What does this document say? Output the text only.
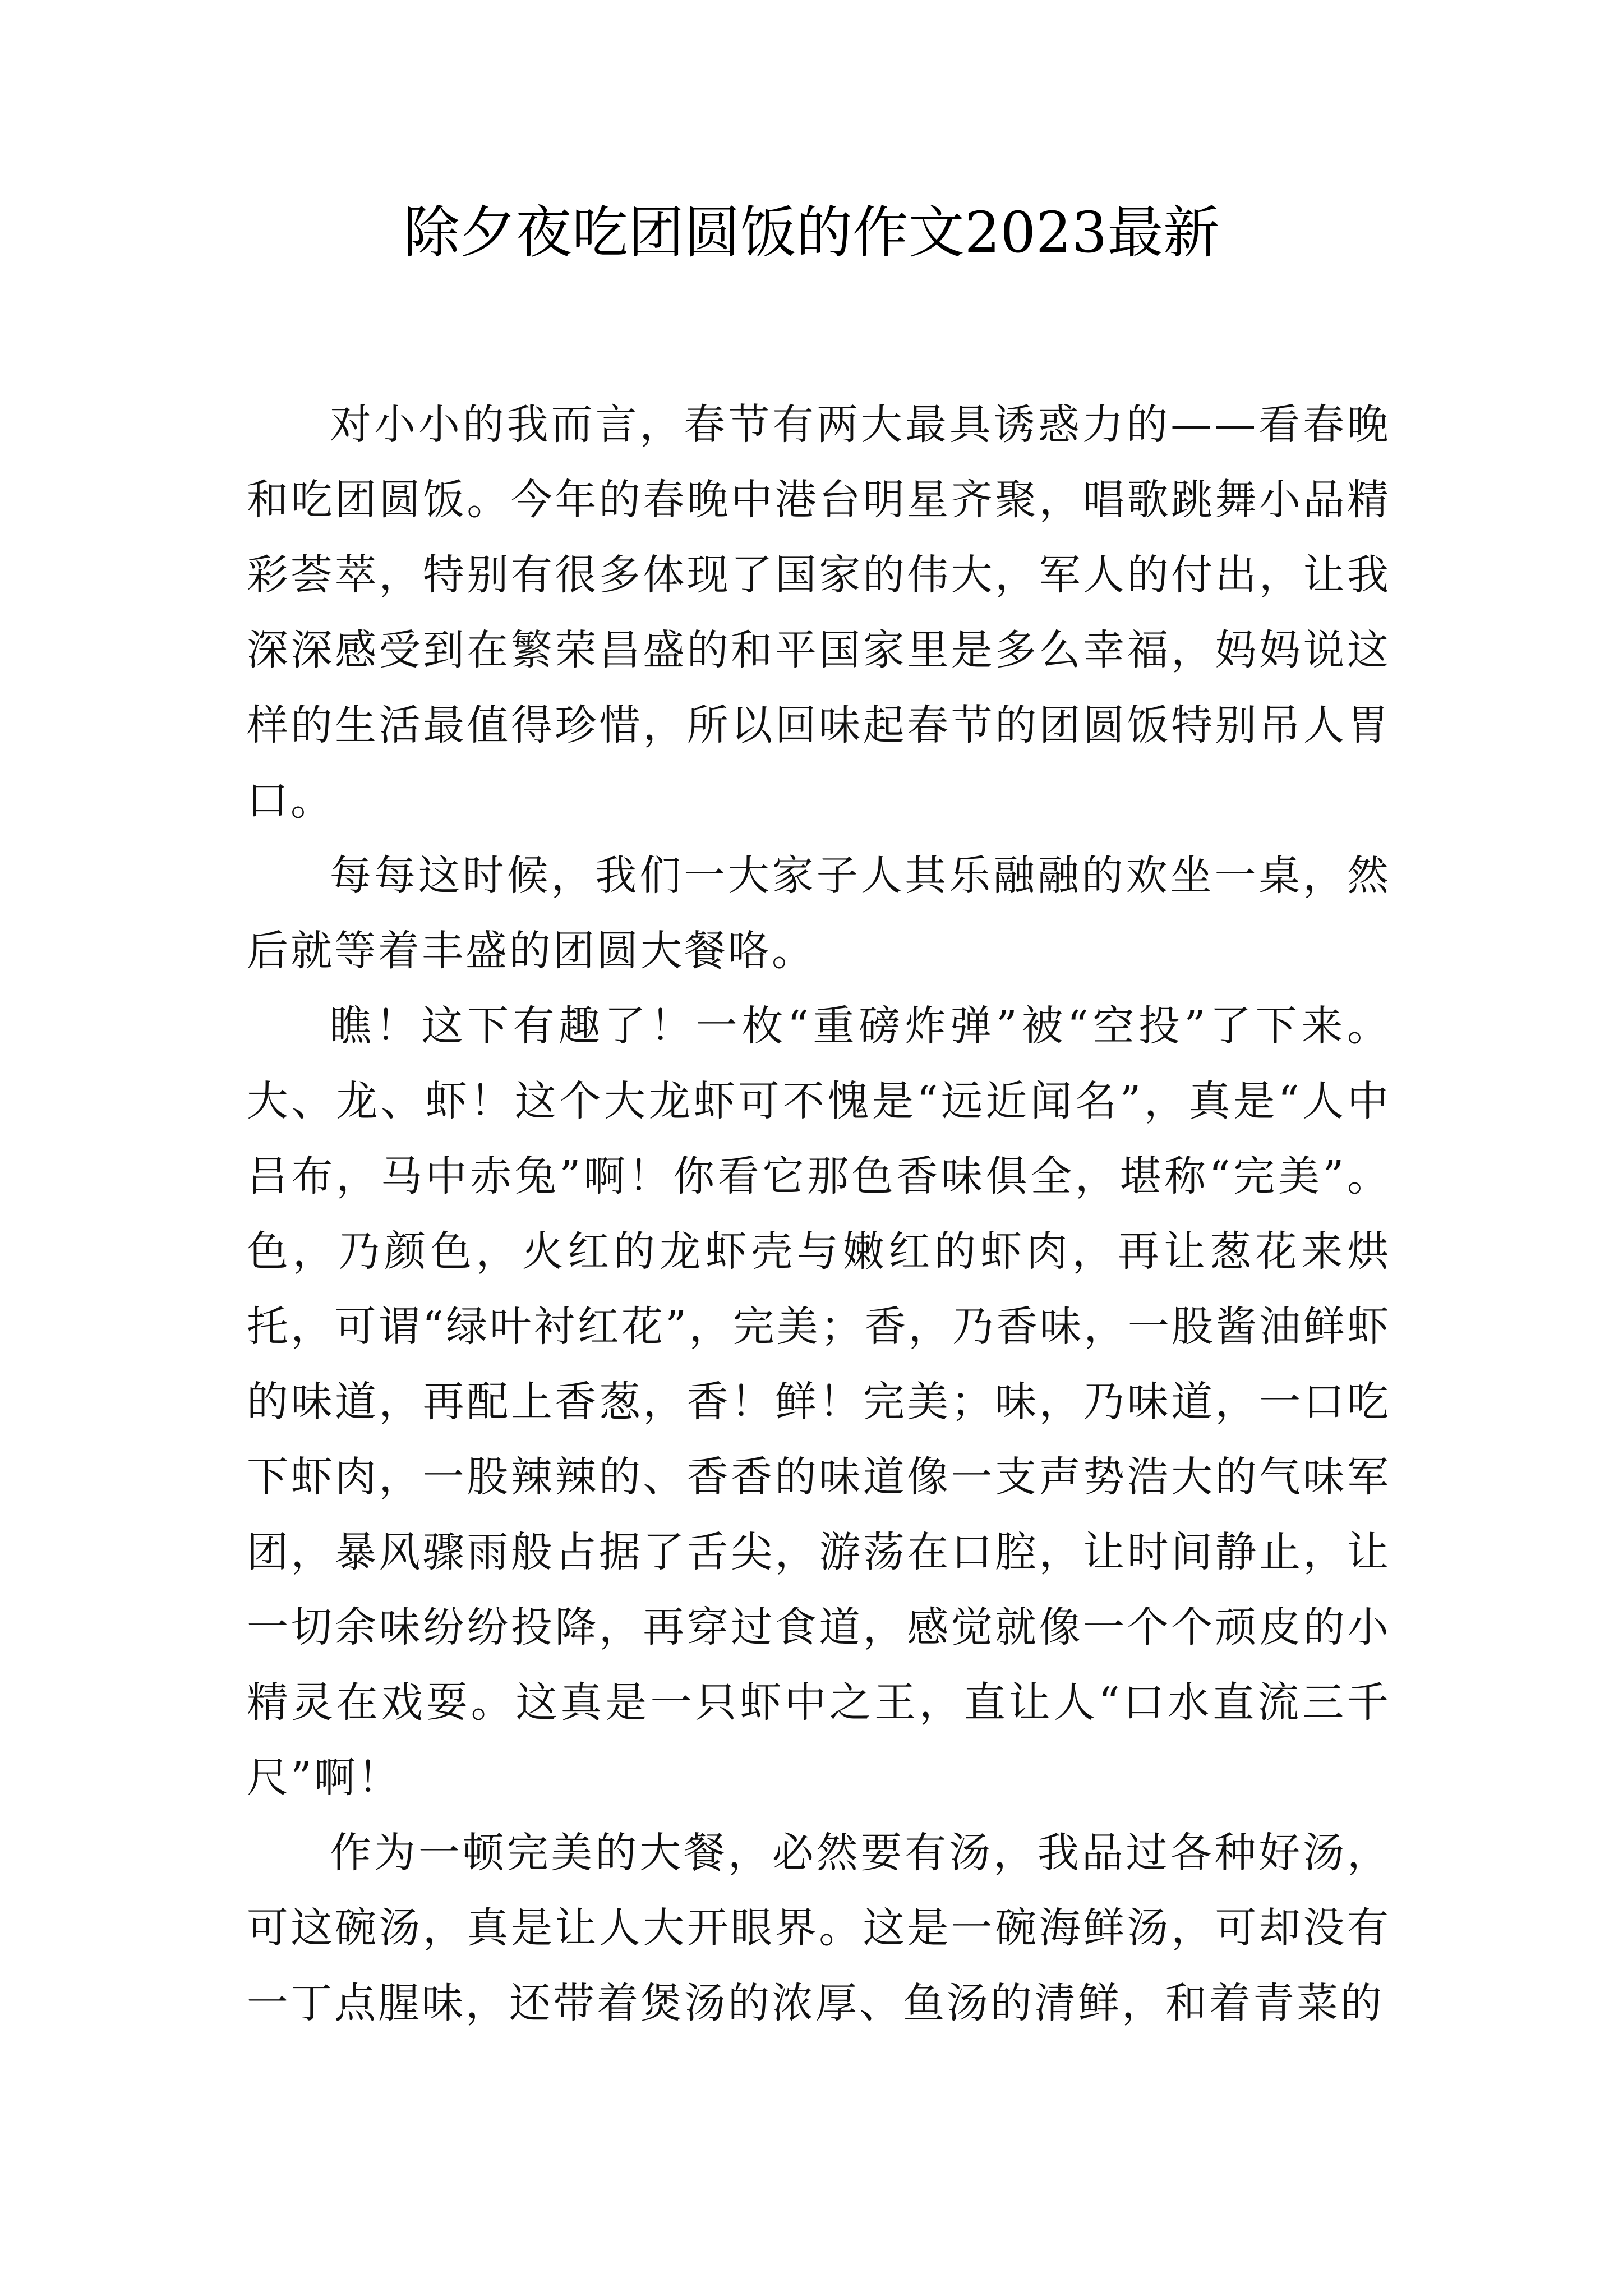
除夕夜吃团圆饭的作文2023最新

对小小的我而言，春节有两大最具诱惑力的——看春晚和吃团圆饭。今年的春晚中港台明星齐聚，唱歌跳舞小品精彩荟萃，特别有很多体现了国家的伟大，军人的付出，让我深深感受到在繁荣昌盛的和平国家里是多么幸福，妈妈说这样的生活最值得珍惜，所以回味起春节的团圆饭特别吊人胃口。

每每这时候，我们一大家子人其乐融融的欢坐一桌，然后就等着丰盛的团圆大餐咯。

瞧！这下有趣了！一枚“重磅炸弹”被“空投”了下来。大、龙、虾！这个大龙虾可不愧是“远近闻名”，真是“人中吕布，马中赤兔”啊！你看它那色香味俱全，堪称“完美”。色，乃颜色，火红的龙虾壳与嫩红的虾肉，再让葱花来烘托，可谓“绿叶衬红花”，完美；香，乃香味，一股酱油鲜虾的味道，再配上香葱，香！鲜！完美；味，乃味道，一口吃下虾肉，一股辣辣的、香香的味道像一支声势浩大的气味军团，暴风骤雨般占据了舌尖，游荡在口腔，让时间静止，让一切余味纷纷投降，再穿过食道，感觉就像一个个顽皮的小精灵在戏耍。这真是一只虾中之王，直让人“口水直流三千尺”啊！

作为一顿完美的大餐，必然要有汤，我品过各种好汤，可这碗汤，真是让人大开眼界。这是一碗海鲜汤，可却没有一丁点腥味，还带着煲汤的浓厚、鱼汤的清鲜，和着青菜的
